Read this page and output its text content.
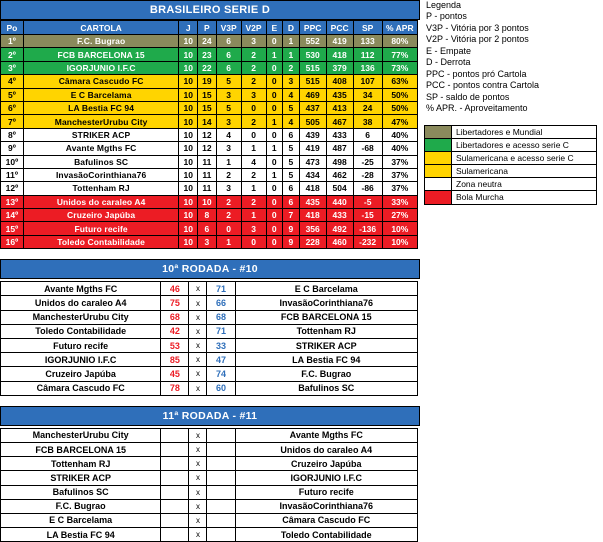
BRASILEIRO SERIE D
Po	CARTOLA	J	P	V3P	V2P	E	D	PPC	PCC	SP	% APR
1º	F.C. Bugrao	10	24	6	3	0	1	552	419	133	80%
2º	FCB BARCELONA 15	10	23	6	2	1	1	530	418	112	77%
3º	IGORJUNIO I.F.C	10	22	6	2	0	2	515	379	136	73%
4º	Câmara Cascudo FC	10	19	5	2	0	3	515	408	107	63%
5º	E C Barcelama	10	15	3	3	0	4	469	435	34	50%
6º	LA Bestia FC 94	10	15	5	0	0	5	437	413	24	50%
7º	ManchesterUrubu City	10	14	3	2	1	4	505	467	38	47%
8º	STRIKER ACP	10	12	4	0	0	6	439	433	6	40%
9º	Avante Mgths FC	10	12	3	1	1	5	419	487	-68	40%
10º	Bafulinos SC	10	11	1	4	0	5	473	498	-25	37%
11º	InvasãoCorinthiana76	10	11	2	2	1	5	434	462	-28	37%
12º	Tottenham RJ	10	11	3	1	0	6	418	504	-86	37%
13º	Unidos do caraleo A4	10	10	2	2	0	6	435	440	-5	33%
14º	Cruzeiro Japúba	10	8	2	1	0	7	418	433	-15	27%
15º	Futuro recife	10	6	0	3	0	9	356	492	-136	10%
16º	Toledo Contabilidade	10	3	1	0	0	9	228	460	-232	10%
10ª RODADA - #10
Avante Mgths FC	46	x	71	E C Barcelama
Unidos do caraleo A4	75	x	66	InvasãoCorinthiana76
ManchesterUrubu City	68	x	68	FCB BARCELONA 15
Toledo Contabilidade	42	x	71	Tottenham RJ
Futuro recife	53	x	33	STRIKER ACP
IGORJUNIO I.F.C	85	x	47	LA Bestia FC 94
Cruzeiro Japúba	45	x	74	F.C. Bugrao
Câmara Cascudo FC	78	x	60	Bafulinos SC
11ª RODADA - #11
ManchesterUrubu City		x		Avante Mgths FC
FCB BARCELONA 15		x		Unidos do caraleo A4
Tottenham RJ		x		Cruzeiro Japúba
STRIKER ACP		x		IGORJUNIO I.F.C
Bafulinos SC		x		Futuro recife
F.C. Bugrao		x		InvasãoCorinthiana76
E C Barcelama		x		Câmara Cascudo FC
LA Bestia FC 94		x		Toledo Contabilidade
Legenda
P - pontos
V3P - Vitória por 3 pontos
V2P - Vitória por 2 pontos
E - Empate
D - Derrota
PPC - pontos pró Cartola
PCC - pontos contra Cartola
SP - saldo de pontos
% APR. - Aproveitamento
Libertadores e Mundial
Libertadores e acesso serie C
Sulamericana e acesso serie C
Sulamericana
Zona neutra
Bola Murcha
